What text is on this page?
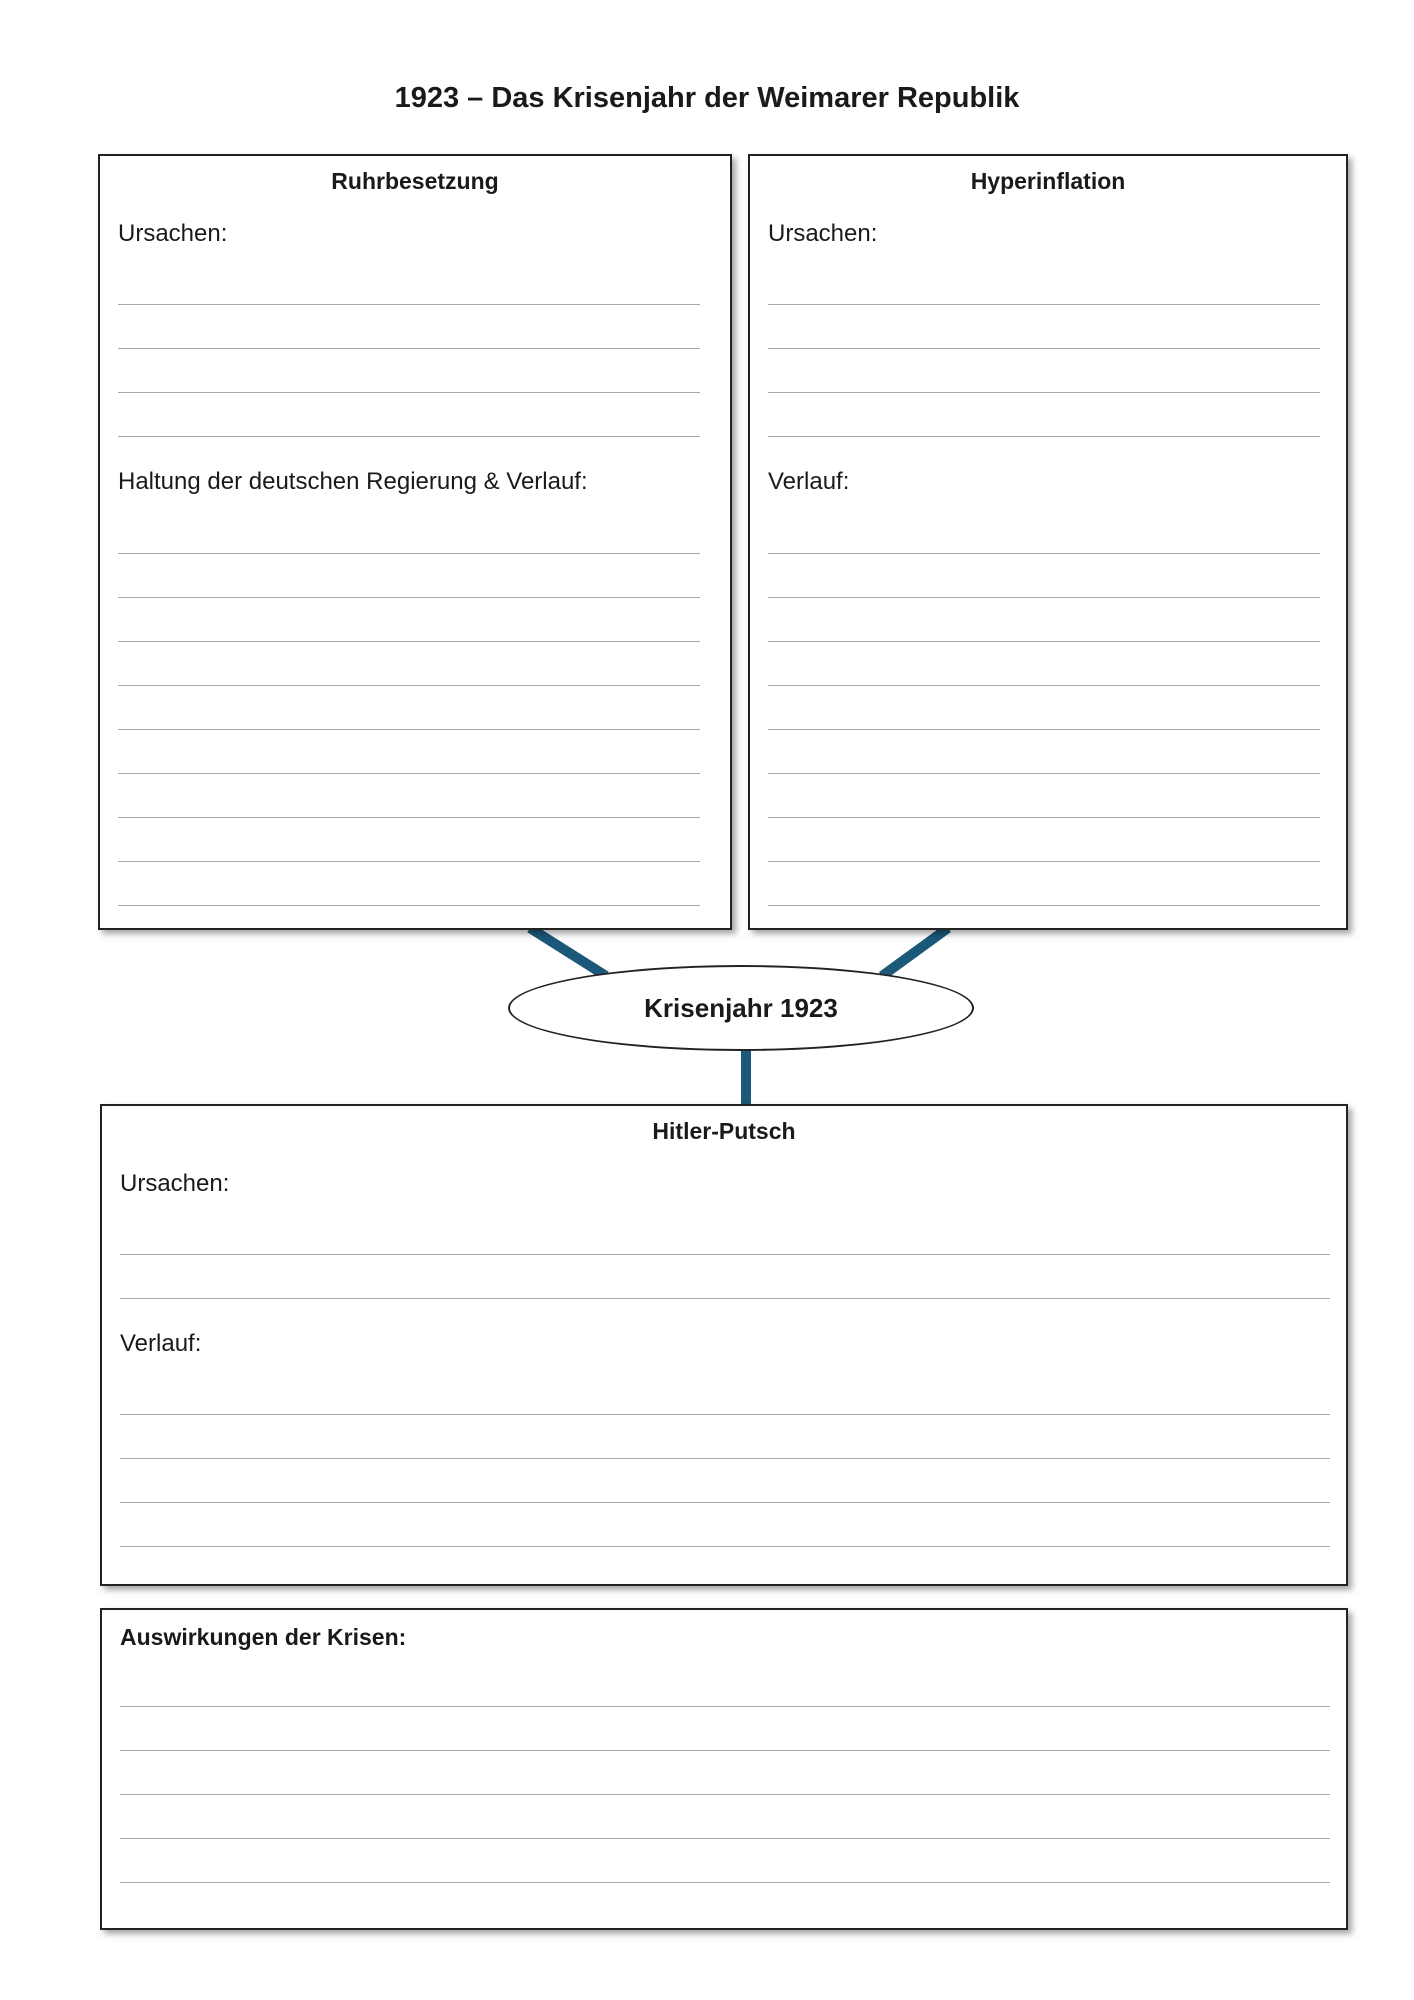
1923 – Das Krisenjahr der Weimarer Republik
Ruhrbesetzung
Ursachen:
Haltung der deutschen Regierung & Verlauf:
Hyperinflation
Ursachen:
Verlauf:
Krisenjahr 1923
Hitler-Putsch
Ursachen:
Verlauf:
Auswirkungen der Krisen:
